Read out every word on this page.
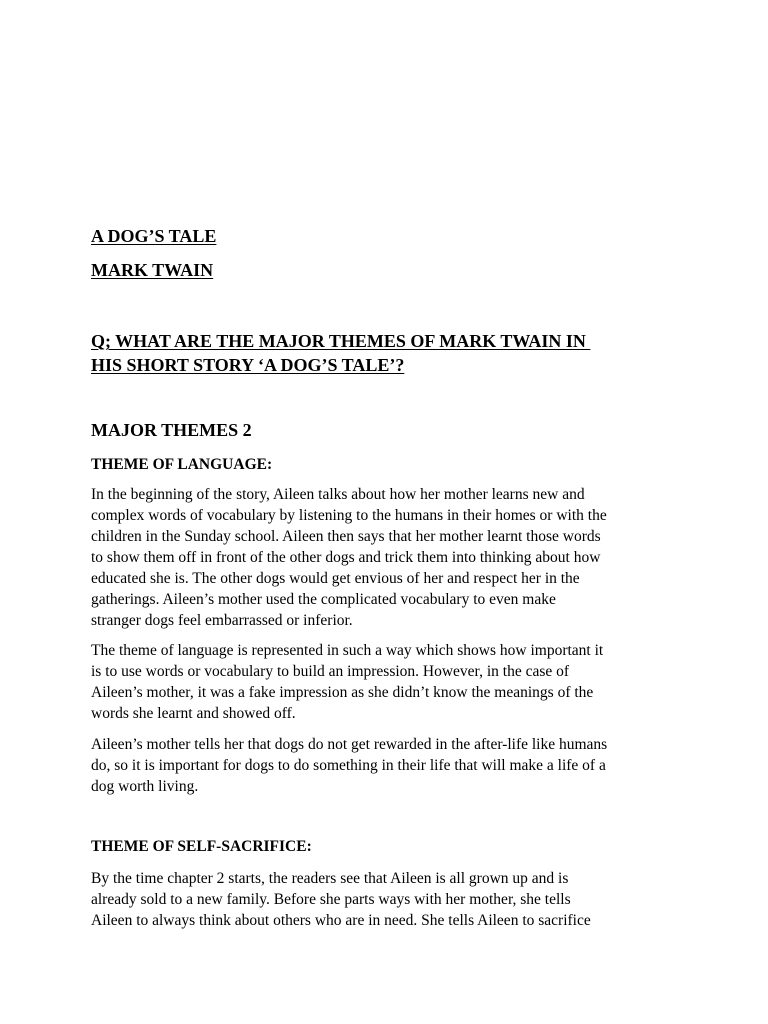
A DOG’S TALE

MARK TWAIN

Q; WHAT ARE THE MAJOR THEMES OF MARK TWAIN IN
HIS SHORT STORY ‘A DOG’S TALE’?

MAJOR THEMES 2

THEME OF LANGUAGE:

In the beginning of the story, Aileen talks about how her mother learns new and
complex words of vocabulary by listening to the humans in their homes or with the
children in the Sunday school. Aileen then says that her mother learnt those words
to show them off in front of the other dogs and trick them into thinking about how
educated she is. The other dogs would get envious of her and respect her in the
gatherings. Aileen’s mother used the complicated vocabulary to even make
stranger dogs feel embarrassed or inferior.
The theme of language is represented in such a way which shows how important it
is to use words or vocabulary to build an impression. However, in the case of
Aileen’s mother, it was a fake impression as she didn’t know the meanings of the
words she learnt and showed off.
Aileen’s mother tells her that dogs do not get rewarded in the after-life like humans
do, so it is important for dogs to do something in their life that will make a life of a
dog worth living.

THEME OF SELF-SACRIFICE:

By the time chapter 2 starts, the readers see that Aileen is all grown up and is
already sold to a new family. Before she parts ways with her mother, she tells
Aileen to always think about others who are in need. She tells Aileen to sacrifice
